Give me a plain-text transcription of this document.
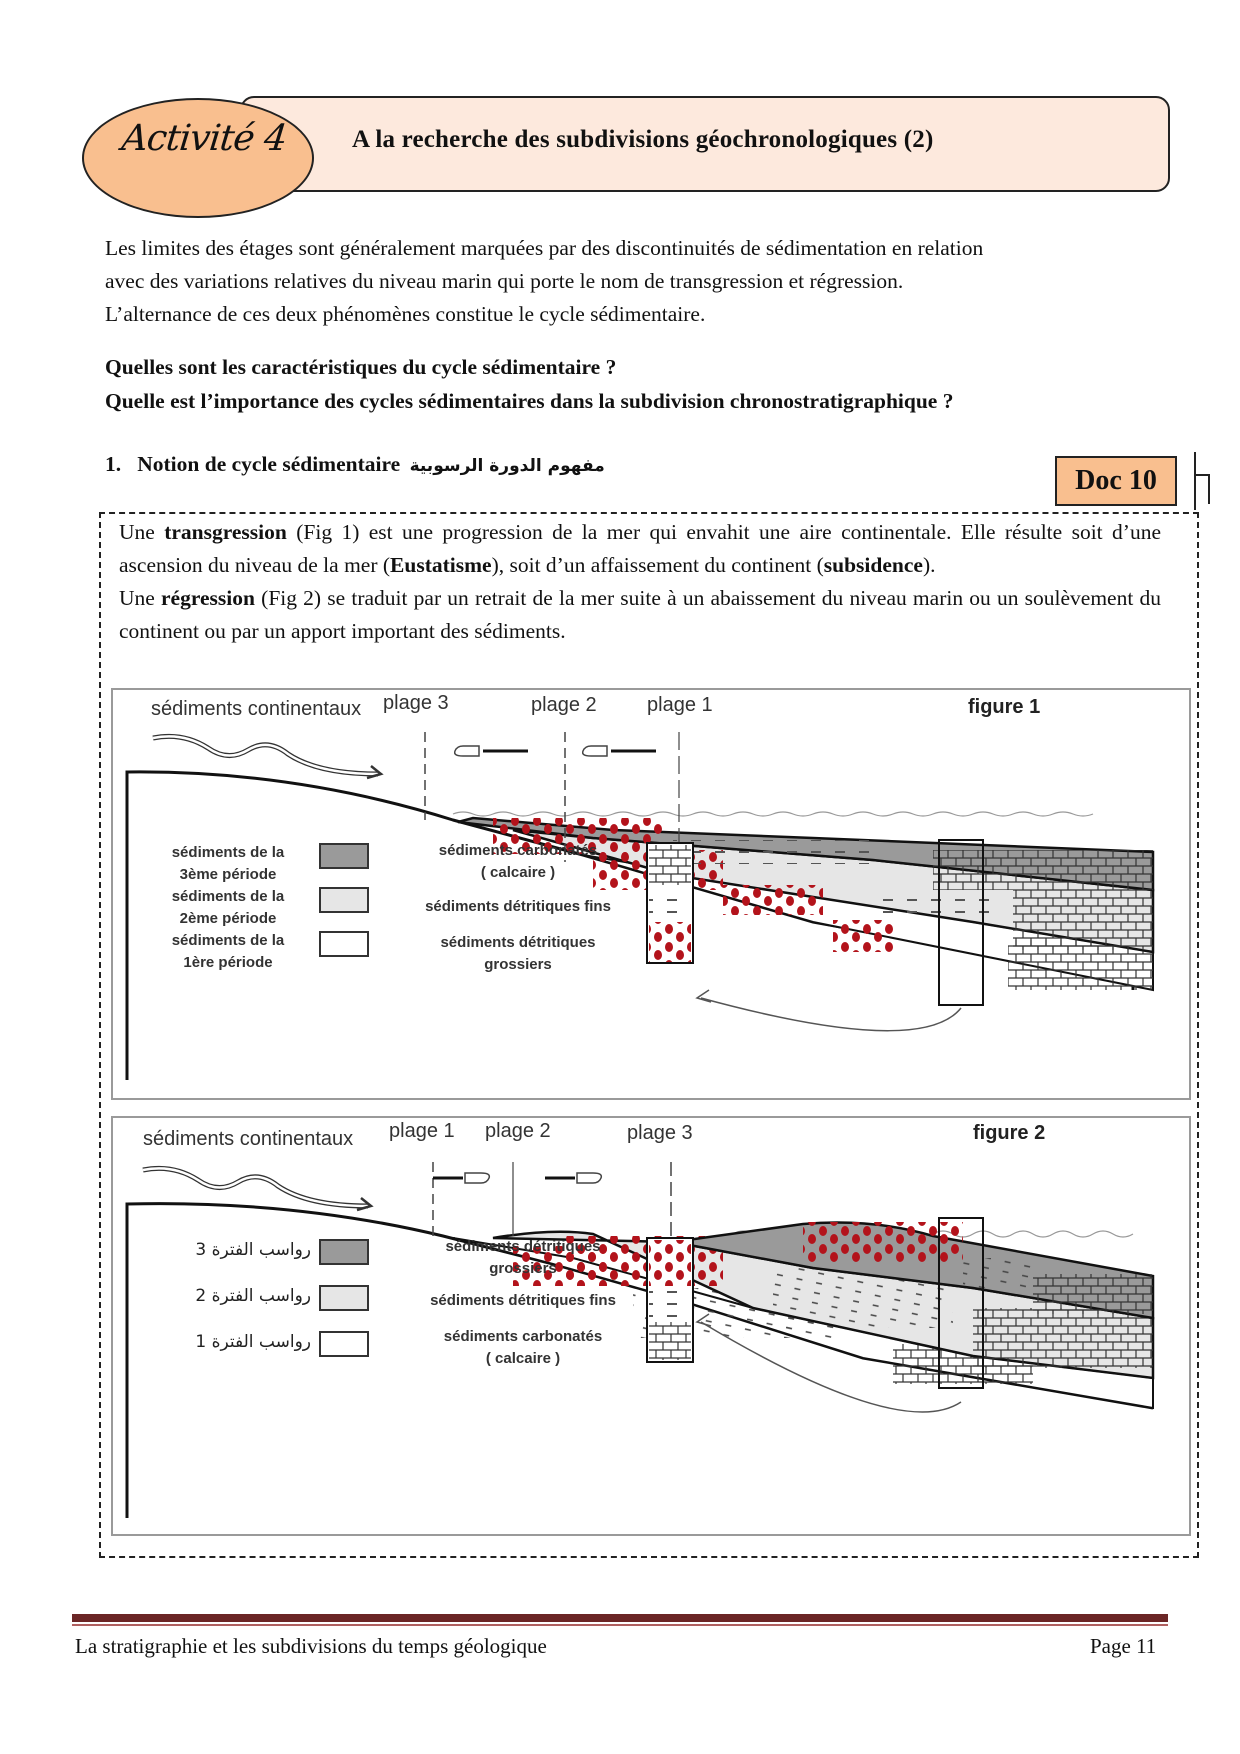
A la recherche des subdivisions géochronologiques (2)
Activité 4
Les limites des étages sont généralement marquées par des discontinuités de sédimentation en relation
avec des variations relatives du niveau marin qui porte le nom de transgression et régression.
L’alternance de ces deux phénomènes constitue le cycle sédimentaire.
Quelles sont les caractéristiques du cycle sédimentaire ?
Quelle est l’importance des cycles sédimentaires dans la subdivision chronostratigraphique ?
1. Notion de cycle sédimentaire مفهوم الدورة الرسوبية	Doc 10

Une transgression (Fig 1) est une progression de la mer qui envahit une aire continentale. Elle résulte soit d’une ascension du niveau de la mer (Eustatisme), soit d’un affaissement du continent (subsidence).

Une régression (Fig 2) se traduit par un retrait de la mer suite à un abaissement du niveau marin ou un soulèvement du continent ou par un apport important des sédiments.

sédiments continentaux plage 3	plage 2	plage 1	figure 1
sédiments de la
3ème période
sédiments de la
2ème période
sédiments de la
1ère période
sédiments carbonatés
( calcaire )
sédiments détritiques fins
sédiments détritiques
grossiers
sédiments continentaux plage 1 plage 2	plage 3	figure 2
رواسب الفترة 3
رواسب الفترة 2
رواسب الفترة 1
sédiments détritiques
grossiers
sédiments détritiques fins
sédiments carbonatés
( calcaire )
La stratigraphie et les subdivisions du temps géologique	Page 11
